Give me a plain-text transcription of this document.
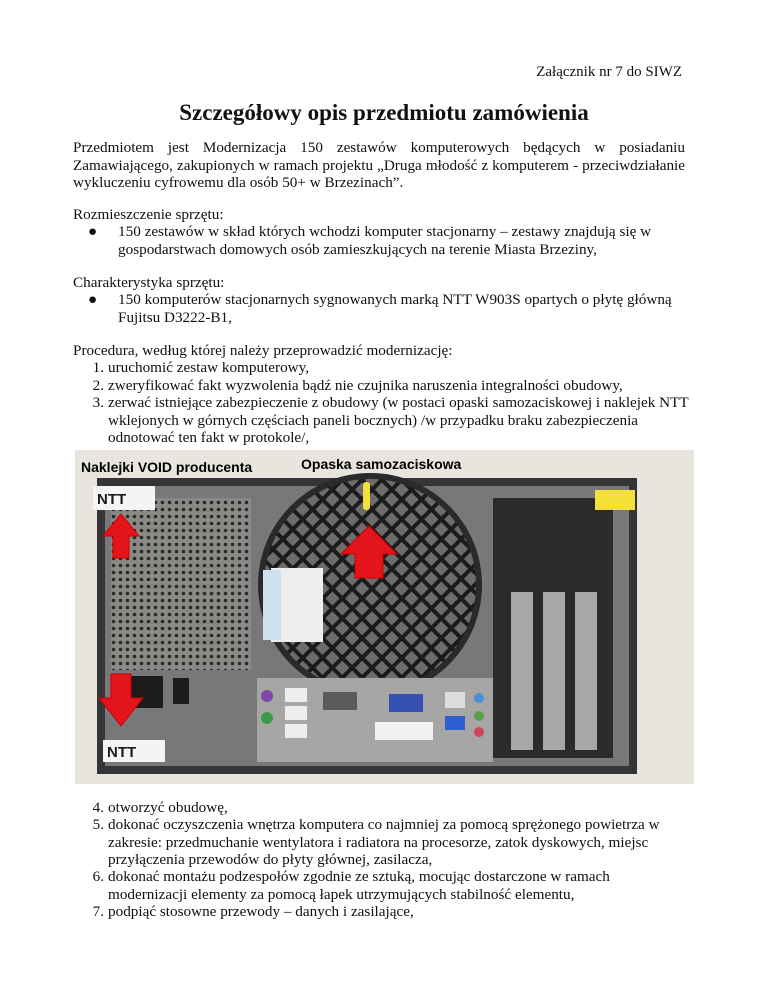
Załącznik nr 7 do SIWZ
Szczegółowy opis przedmiotu zamówienia
Przedmiotem jest Modernizacja 150 zestawów komputerowych będących w posiadaniu Zamawiającego, zakupionych w ramach projektu „Druga młodość z komputerem - przeciwdziałanie wykluczeniu cyfrowemu dla osób 50+ w Brzezinach”.
Rozmieszczenie sprzętu:
● 150 zestawów w skład których wchodzi komputer stacjonarny – zestawy znajdują się w gospodarstwach domowych osób zamieszkujących na terenie Miasta Brzeziny,
Charakterystyka sprzętu:
● 150 komputerów stacjonarnych sygnowanych marką NTT W903S opartych o płytę główną Fujitsu D3222-B1,
Procedura, według której należy przeprowadzić modernizację:
1. uruchomić zestaw komputerowy,
2. zweryfikować fakt wyzwolenia bądź nie czujnika naruszenia integralności obudowy,
3. zerwać istniejące zabezpieczenie z obudowy (w postaci opaski samozaciskowej i naklejek NTT wklejonych w górnych częściach paneli bocznych) /w przypadku braku zabezpieczenia odnotować ten fakt w protokole/,
NTT
NTT
Naklejki VOID producenta	Opaska samozaciskowa
4. otworzyć obudowę,
5. dokonać oczyszczenia wnętrza komputera co najmniej za pomocą sprężonego powietrza w zakresie: przedmuchanie wentylatora i radiatora na procesorze, zatok dyskowych, miejsc przyłączenia przewodów do płyty głównej, zasilacza,
6. dokonać montażu podzespołów zgodnie ze sztuką, mocując dostarczone w ramach modernizacji elementy za pomocą łapek utrzymujących stabilność elementu,
7. podpiąć stosowne przewody – danych i zasilające,
